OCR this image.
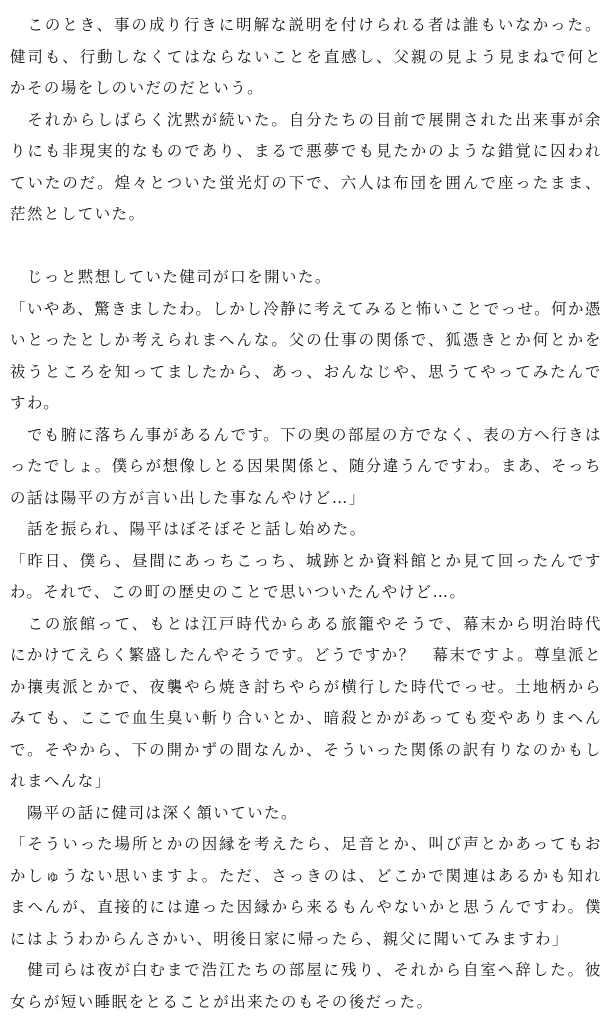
　このとき、事の成り行きに明解な説明を付けられる者は誰もいなかった。健司も、行動しなくてはならないことを直感し、父親の見よう見まねで何とかその場をしのいだのだという。

　それからしばらく沈黙が続いた。自分たちの目前で展開された出来事が余りにも非現実的なものであり、まるで悪夢でも見たかのような錯覚に囚われていたのだ。煌々とついた蛍光灯の下で、六人は布団を囲んで座ったまま、茫然としていた。

　じっと黙想していた健司が口を開いた。

「いやあ、驚きましたわ。しかし冷静に考えてみると怖いことでっせ。何か憑いとったとしか考えられまへんな。父の仕事の関係で、狐憑きとか何とかを祓うところを知ってましたから、あっ、おんなじや、思うてやってみたんですわ。

　でも腑に落ちん事があるんです。下の奥の部屋の方でなく、表の方へ行きはったでしょ。僕らが想像しとる因果関係と、随分違うんですわ。まあ、そっちの話は陽平の方が言い出した事なんやけど…」

　話を振られ、陽平はぼそぼそと話し始めた。

「昨日、僕ら、昼間にあっちこっち、城跡とか資料館とか見て回ったんですわ。それで、この町の歴史のことで思いついたんやけど…。

　この旅館って、もとは江戸時代からある旅籠やそうで、幕末から明治時代にかけてえらく繁盛したんやそうです。どうですか？　幕末ですよ。尊皇派とか攘夷派とかで、夜襲やら焼き討ちやらが横行した時代でっせ。土地柄からみても、ここで血生臭い斬り合いとか、暗殺とかがあっても変やありまへんで。そやから、下の開かずの間なんか、そういった関係の訳有りなのかもしれまへんな」

　陽平の話に健司は深く頷いていた。

「そういった場所とかの因縁を考えたら、足音とか、叫び声とかあってもおかしゅうない思いますよ。ただ、さっきのは、どこかで関連はあるかも知れまへんが、直接的には違った因縁から来るもんやないかと思うんですわ。僕にはようわからんさかい、明後日家に帰ったら、親父に聞いてみますわ」

　健司らは夜が白むまで浩江たちの部屋に残り、それから自室へ辞した。彼女らが短い睡眠をとることが出来たのもその後だった。
